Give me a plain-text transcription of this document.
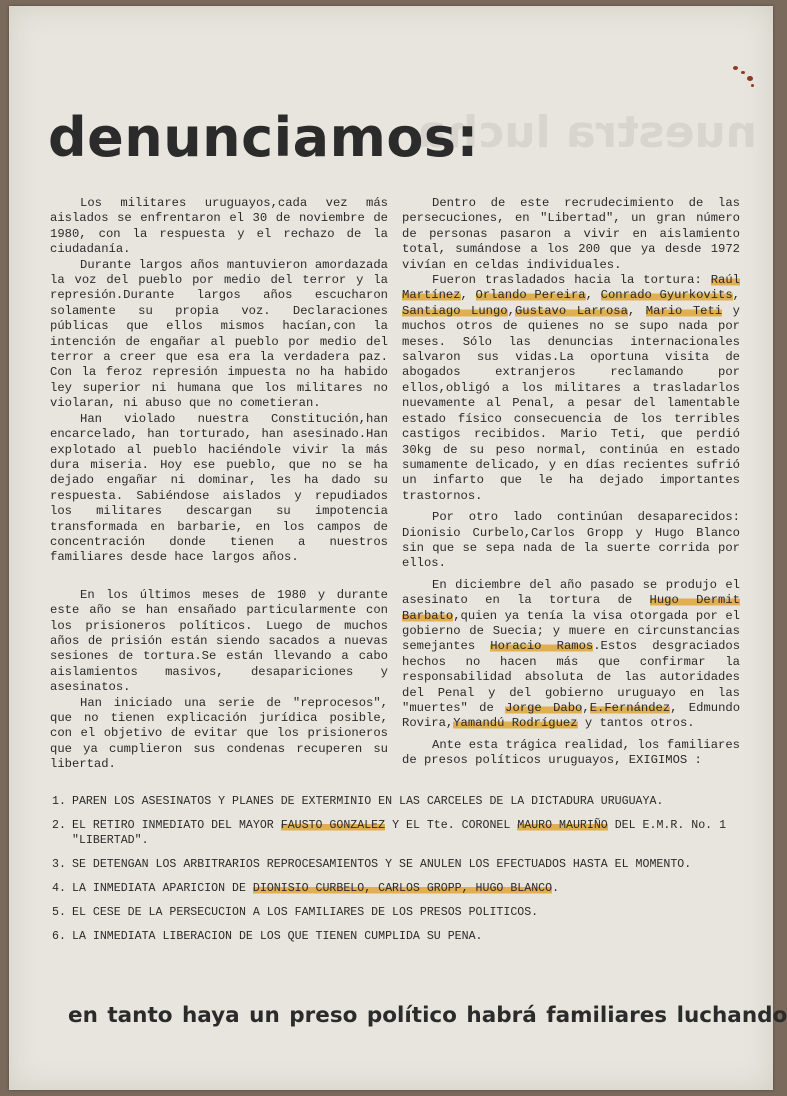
nuestra lucha
denunciamos:

Los militares uruguayos,cada vez más aislados se enfrentaron el 30 de noviembre de 1980, con la respuesta y el rechazo de la ciudadanía.

Durante largos años mantuvieron amordazada la voz del pueblo por medio del terror y la represión.Durante largos años escucharon solamente su propia voz. Declaraciones públicas que ellos mismos hacían,con la intención de engañar al pueblo por medio del terror a creer que esa era la verdadera paz. Con la feroz represión impuesta no ha habido ley superior ni humana que los militares no violaran, ni abuso que no cometieran.

Han violado nuestra Constitución,han encarcelado, han torturado, han asesinado.Han explotado al pueblo haciéndole vivir la más dura miseria. Hoy ese pueblo, que no se ha dejado engañar ni dominar, les ha dado su respuesta. Sabiéndose aislados y repudiados los militares descargan su impotencia transformada en barbarie, en los campos de concentración donde tienen a nuestros familiares desde hace largos años.

En los últimos meses de 1980 y durante este año se han ensañado particularmente con los prisioneros políticos. Luego de muchos años de prisión están siendo sacados a nuevas sesiones de tortura.Se están llevando a cabo aislamientos masivos, desapariciones y asesinatos.

Han iniciado una serie de "reprocesos", que no tienen explicación jurídica posible, con el objetivo de evitar que los prisioneros que ya cumplieron sus condenas recuperen su libertad.

Dentro de este recrudecimiento de las persecuciones, en "Libertad", un gran número de personas pasaron a vivir en aislamiento total, sumándose a los 200 que ya desde 1972 vivían en celdas individuales.

Fueron trasladados hacia la tortura: Raúl Martínez, Orlando Pereira, Conrado Gyurkovits, Santiago Lungo,Gustavo Larrosa, Mario Teti y muchos otros de quienes no se supo nada por meses. Sólo las denuncias internacionales salvaron sus vidas.La oportuna visita de abogados extranjeros reclamando por ellos,obligó a los militares a trasladarlos nuevamente al Penal, a pesar del lamentable estado físico consecuencia de los terribles castigos recibidos. Mario Teti, que perdió 30kg de su peso normal, continúa en estado sumamente delicado, y en días recientes sufrió un infarto que le ha dejado importantes trastornos.

Por otro lado continúan desaparecidos: Dionisio Curbelo,Carlos Gropp y Hugo Blanco sin que se sepa nada de la suerte corrida por ellos.

En diciembre del año pasado se produjo el asesinato en la tortura de Hugo Dermit Barbato,quien ya tenía la visa otorgada por el gobierno de Suecia; y muere en circunstancias semejantes Horacio Ramos.Estos desgraciados hechos no hacen más que confirmar la responsabilidad absoluta de las autoridades del Penal y del gobierno uruguayo en las "muertes" de Jorge Dabo,E.Fernández, Edmundo Rovira,Yamandú Rodríguez y tantos otros.

Ante esta trágica realidad, los familiares de presos políticos uruguayos, EXIGIMOS :

1. PAREN LOS ASESINATOS Y PLANES DE EXTERMINIO EN LAS CARCELES DE LA DICTADURA URUGUAYA.
2. EL RETIRO INMEDIATO DEL MAYOR FAUSTO GONZALEZ Y EL Tte. CORONEL MAURO MAURIÑO DEL E.M.R. No. 1 "LIBERTAD".
3. SE DETENGAN LOS ARBITRARIOS REPROCESAMIENTOS Y SE ANULEN LOS EFECTUADOS HASTA EL MOMENTO.
4. LA INMEDIATA APARICION DE DIONISIO CURBELO, CARLOS GROPP, HUGO BLANCO.
5. EL CESE DE LA PERSECUCION A LOS FAMILIARES DE LOS PRESOS POLITICOS.
6. LA INMEDIATA LIBERACION DE LOS QUE TIENEN CUMPLIDA SU PENA.
en tanto haya un preso político habrá familiares luchando
